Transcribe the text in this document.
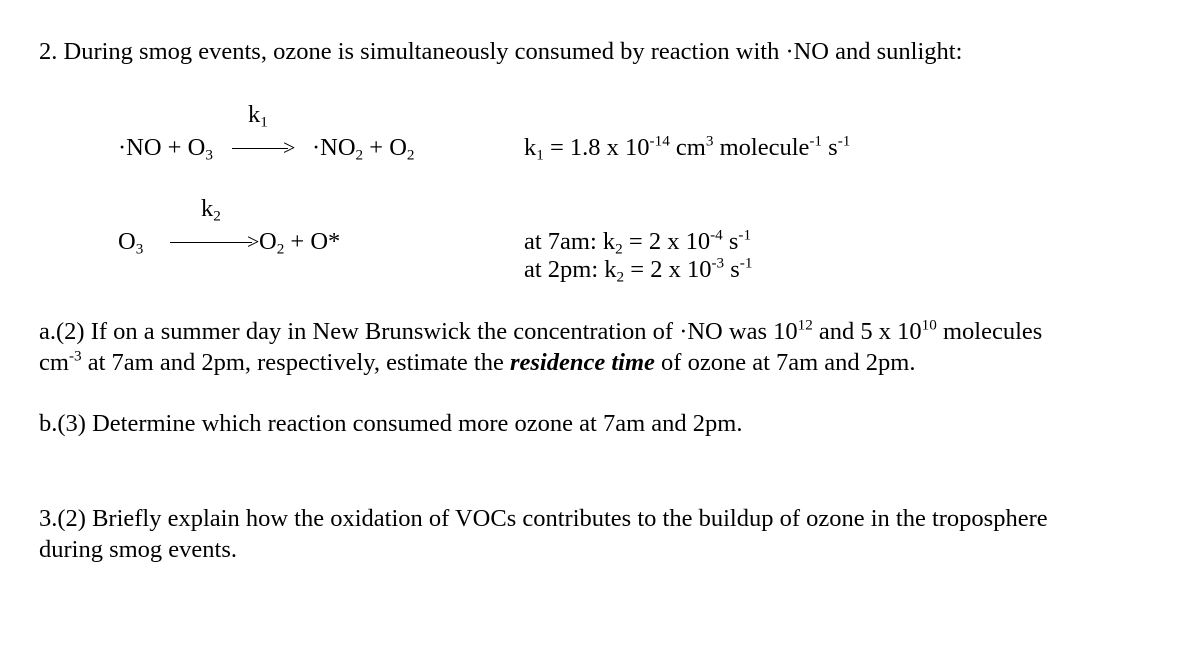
2. During smog events, ozone is simultaneously consumed by reaction with ·NO and sunlight:
$k_1$
$\cdot NO + O_3$	> $\cdot NO_2 + O_2$	$k_1 = 1.8$ x $10^{-14}$ $cm^3$ molecule$^{-1}$ $s^{-1}$
$k_2$
$O_3$	> $O_2 + O*$	at 7am: $k_2 = 2$ x $10^{-4}$ $s^{-1}$
at 2pm: $k_2 = 2$ x $10^{-3}$ $s^{-1}$
a.(2) If on a summer day in New Brunswick the concentration of ·NO was $10^{12}$ and 5 x $10^{10}$ molecules
$cm^{-3}$ at 7am and 2pm, respectively, estimate the residence time of ozone at 7am and 2pm.
b.(3) Determine which reaction consumed more ozone at 7am and 2pm.
3.(2) Briefly explain how the oxidation of VOCs contributes to the buildup of ozone in the troposphere
during smog events.
